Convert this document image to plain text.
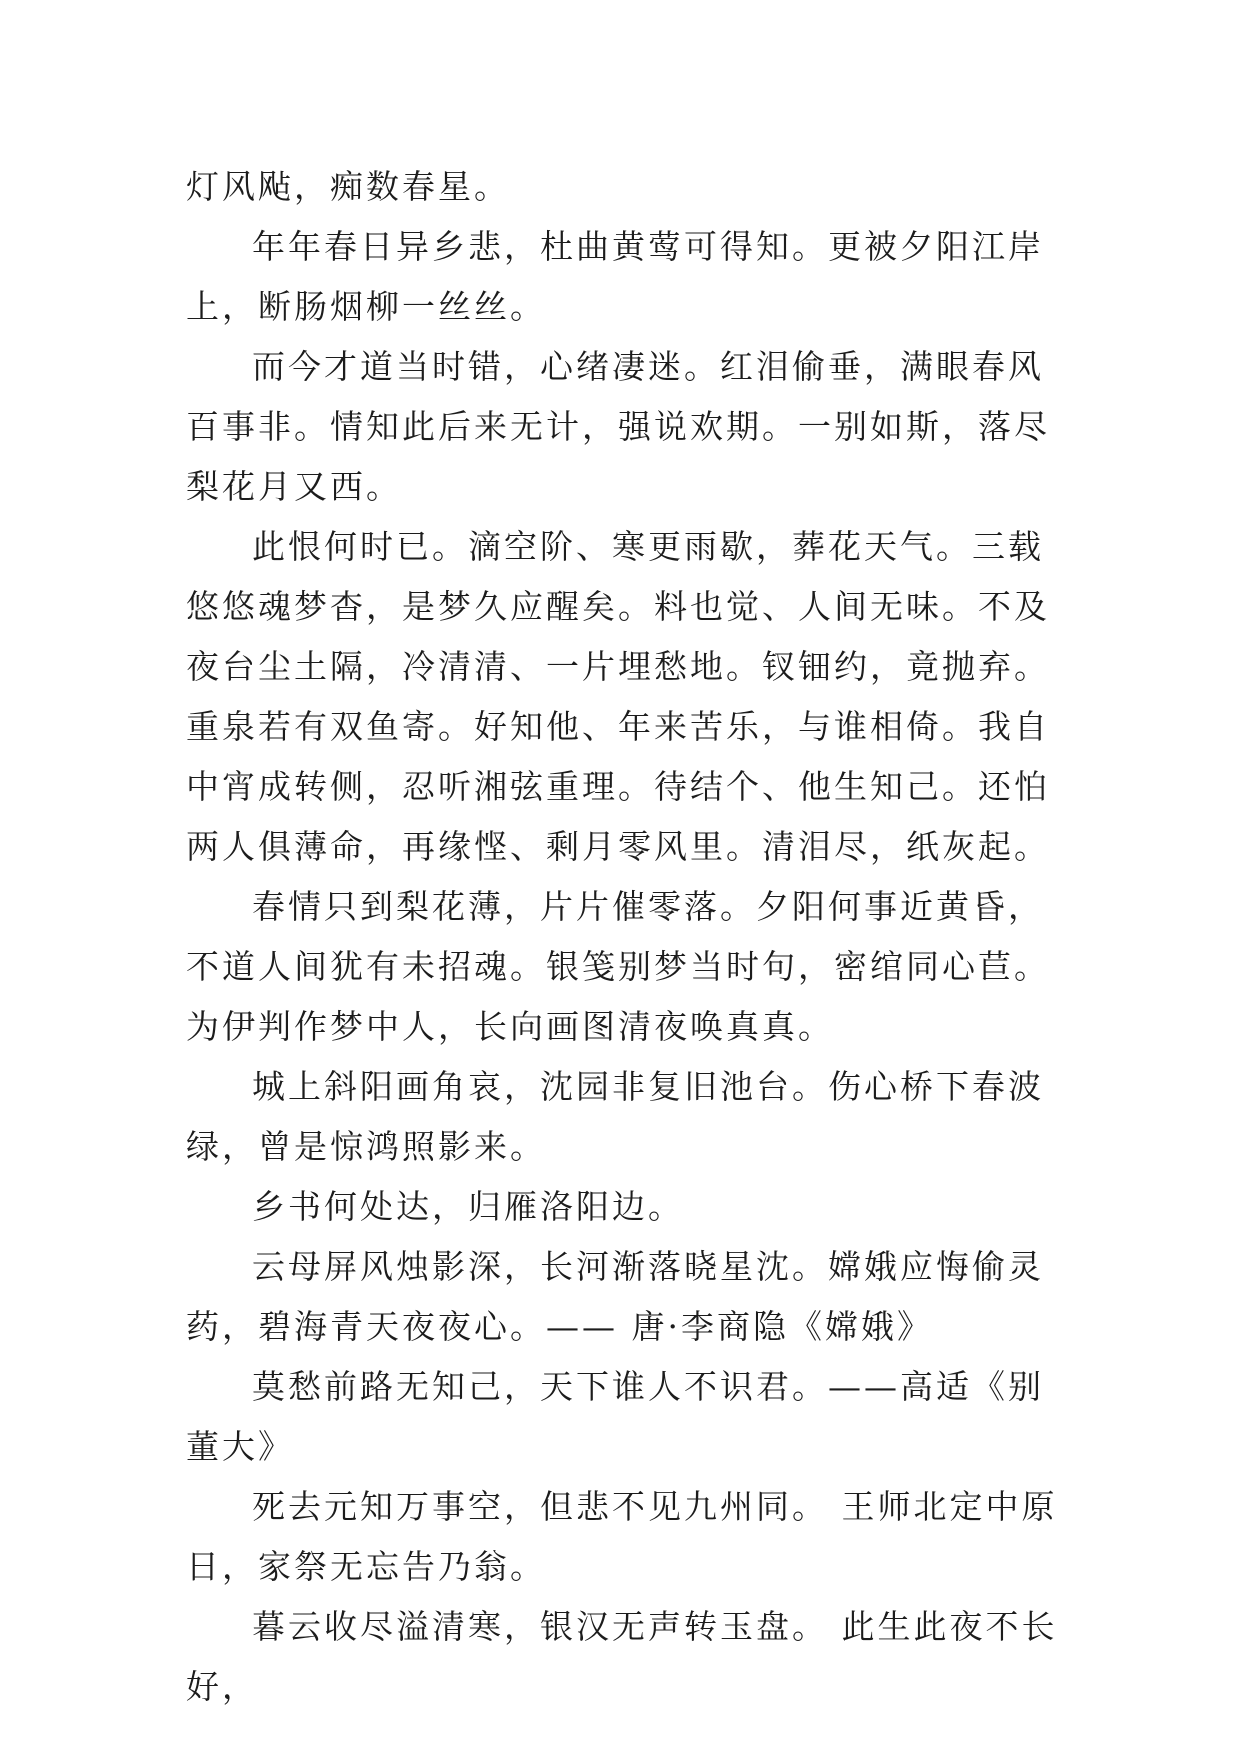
灯风飐，痴数春星。

年年春日异乡悲，杜曲黄莺可得知。更被夕阳江岸上，断肠烟柳一丝丝。

而今才道当时错，心绪凄迷。红泪偷垂，满眼春风百事非。情知此后来无计，强说欢期。一别如斯，落尽梨花月又西。

此恨何时已。滴空阶、寒更雨歇，葬花天气。三载悠悠魂梦杳，是梦久应醒矣。料也觉、人间无味。不及夜台尘土隔，冷清清、一片埋愁地。钗钿约，竟抛弃。重泉若有双鱼寄。好知他、年来苦乐，与谁相倚。我自中宵成转侧，忍听湘弦重理。待结个、他生知己。还怕两人俱薄命，再缘悭、剩月零风里。清泪尽，纸灰起。

春情只到梨花薄，片片催零落。夕阳何事近黄昏，不道人间犹有未招魂。银笺别梦当时句，密绾同心苣。为伊判作梦中人，长向画图清夜唤真真。

城上斜阳画角哀，沈园非复旧池台。伤心桥下春波绿，曾是惊鸿照影来。

乡书何处达，归雁洛阳边。

云母屏风烛影深，长河渐落晓星沈。嫦娥应悔偷灵药，碧海青天夜夜心。—— 唐·李商隐《嫦娥》

莫愁前路无知己，天下谁人不识君。——高适《别董大》

死去元知万事空，但悲不见九州同。 王师北定中原日，家祭无忘告乃翁。

暮云收尽溢清寒，银汉无声转玉盘。 此生此夜不长好，
